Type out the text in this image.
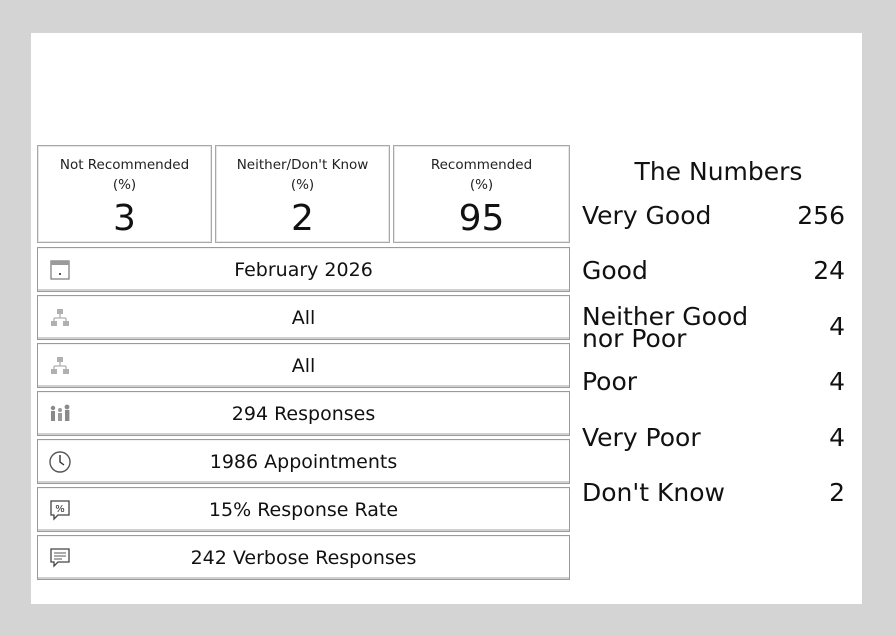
Not Recommended
(%)
3
Neither/Don't Know
(%)
2
Recommended
(%)
95
February 2026
All
All
294 Responses
1986 Appointments
%	15% Response Rate
242 Verbose Responses
The Numbers
Very Good	256
Good	24
Neither Good nor Poor	4
Poor	4
Very Poor	4
Don't Know	2
